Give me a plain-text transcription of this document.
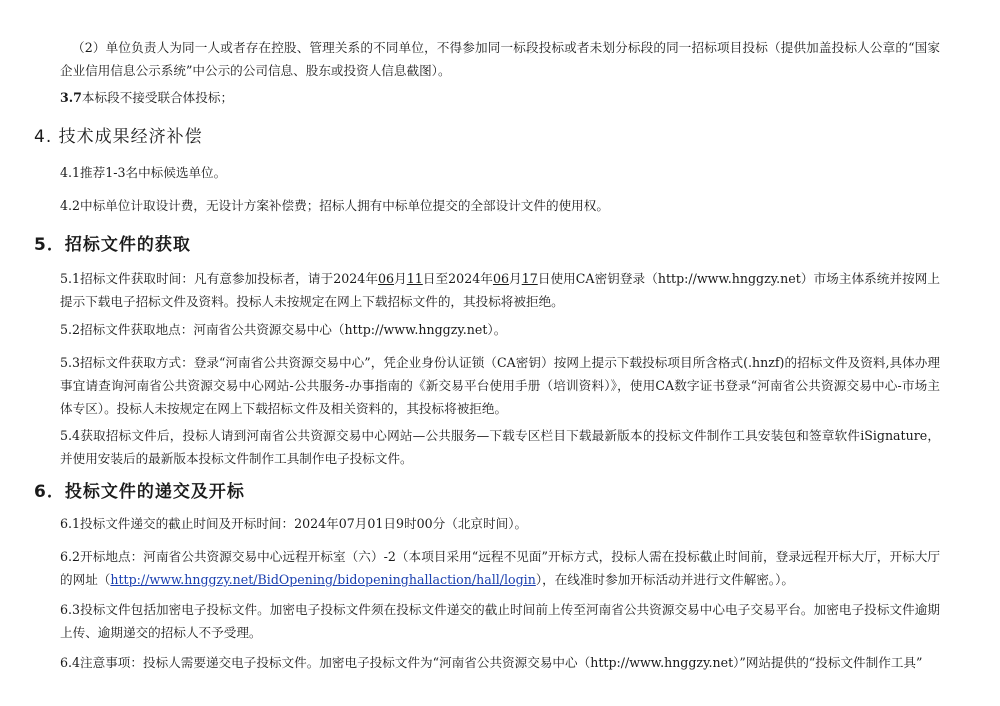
（2）单位负责人为同一人或者存在控股、管理关系的不同单位，不得参加同一标段投标或者未划分标段的同一招标项目投标（提供加盖投标人公章的“国家企业信用信息公示系统”中公示的公司信息、股东或投资人信息截图）。

3.7本标段不接受联合体投标；

4. 技术成果经济补偿

4.1推荐1-3名中标候选单位。

4.2中标单位计取设计费，无设计方案补偿费；招标人拥有中标单位提交的全部设计文件的使用权。

5．招标文件的获取

5.1招标文件获取时间：凡有意参加投标者，请于2024年06月11日至2024年06月17日使用CA密钥登录（http://www.hnggzy.net）市场主体系统并按网上提示下载电子招标文件及资料。投标人未按规定在网上下载招标文件的，其投标将被拒绝。

5.2招标文件获取地点：河南省公共资源交易中心（http://www.hnggzy.net）。

5.3招标文件获取方式：登录“河南省公共资源交易中心”，凭企业身份认证锁（CA密钥）按网上提示下载投标项目所含格式(.hnzf)的招标文件及资料,具体办理事宜请查询河南省公共资源交易中心网站-公共服务-办事指南的《新交易平台使用手册（培训资料）》，使用CA数字证书登录“河南省公共资源交易中心-市场主体专区）。投标人未按规定在网上下载招标文件及相关资料的，其投标将被拒绝。

5.4获取招标文件后，投标人请到河南省公共资源交易中心网站—公共服务—下载专区栏目下载最新版本的投标文件制作工具安装包和签章软件iSignature，并使用安装后的最新版本投标文件制作工具制作电子投标文件。

6．投标文件的递交及开标

6.1投标文件递交的截止时间及开标时间：2024年07月01日9时00分（北京时间）。

6.2开标地点：河南省公共资源交易中心远程开标室（六）-2（本项目采用“远程不见面”开标方式，投标人需在投标截止时间前，登录远程开标大厅，开标大厅的网址（http://www.hnggzy.net/BidOpening/bidopeninghallaction/hall/login），在线准时参加开标活动并进行文件解密。）。

6.3投标文件包括加密电子投标文件。加密电子投标文件须在投标文件递交的截止时间前上传至河南省公共资源交易中心电子交易平台。加密电子投标文件逾期上传、逾期递交的招标人不予受理。

6.4注意事项：投标人需要递交电子投标文件。加密电子投标文件为“河南省公共资源交易中心（http://www.hnggzy.net）”网站提供的“投标文件制作工具”
